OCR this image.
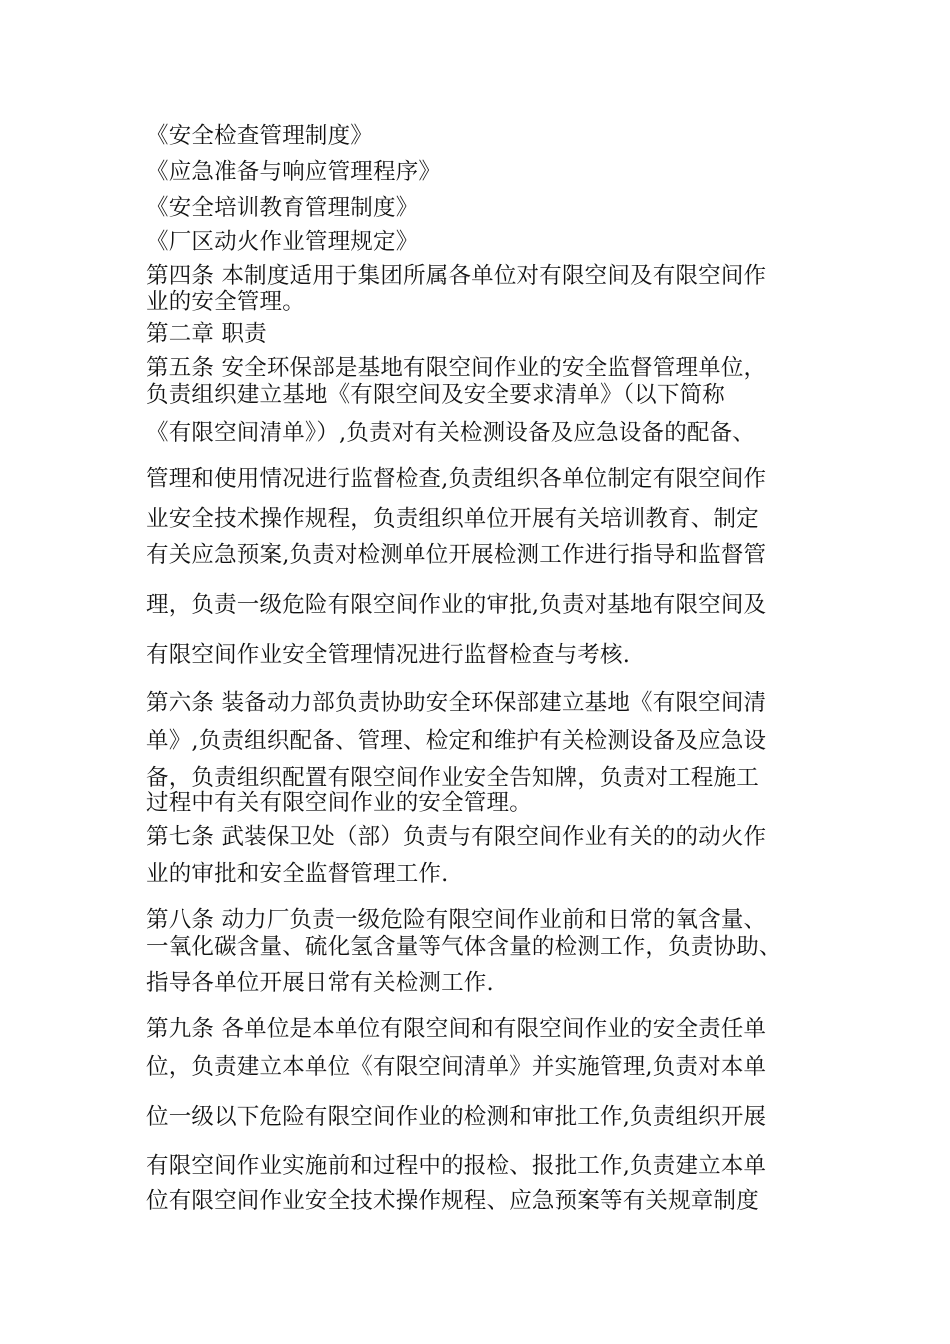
《安全检查管理制度》
《应急准备与响应管理程序》
《安全培训教育管理制度》
《厂区动火作业管理规定》
第四条 本制度适用于集团所属各单位对有限空间及有限空间作
业的安全管理。
第二章 职责
第五条 安全环保部是基地有限空间作业的安全监督管理单位，
负责组织建立基地《有限空间及安全要求清单》（以下简称
《有限空间清单》）,负责对有关检测设备及应急设备的配备、
管理和使用情况进行监督检查,负责组织各单位制定有限空间作
业安全技术操作规程，负责组织单位开展有关培训教育、制定
有关应急预案,负责对检测单位开展检测工作进行指导和监督管
理，负责一级危险有限空间作业的审批,负责对基地有限空间及
有限空间作业安全管理情况进行监督检查与考核.
第六条 装备动力部负责协助安全环保部建立基地《有限空间清
单》,负责组织配备、管理、检定和维护有关检测设备及应急设
备，负责组织配置有限空间作业安全告知牌，负责对工程施工
过程中有关有限空间作业的安全管理。
第七条 武装保卫处（部）负责与有限空间作业有关的的动火作
业的审批和安全监督管理工作.
第八条 动力厂负责一级危险有限空间作业前和日常的氧含量、
一氧化碳含量、硫化氢含量等气体含量的检测工作，负责协助、
指导各单位开展日常有关检测工作.
第九条 各单位是本单位有限空间和有限空间作业的安全责任单
位，负责建立本单位《有限空间清单》并实施管理,负责对本单
位一级以下危险有限空间作业的检测和审批工作,负责组织开展
有限空间作业实施前和过程中的报检、报批工作,负责建立本单
位有限空间作业安全技术操作规程、应急预案等有关规章制度
